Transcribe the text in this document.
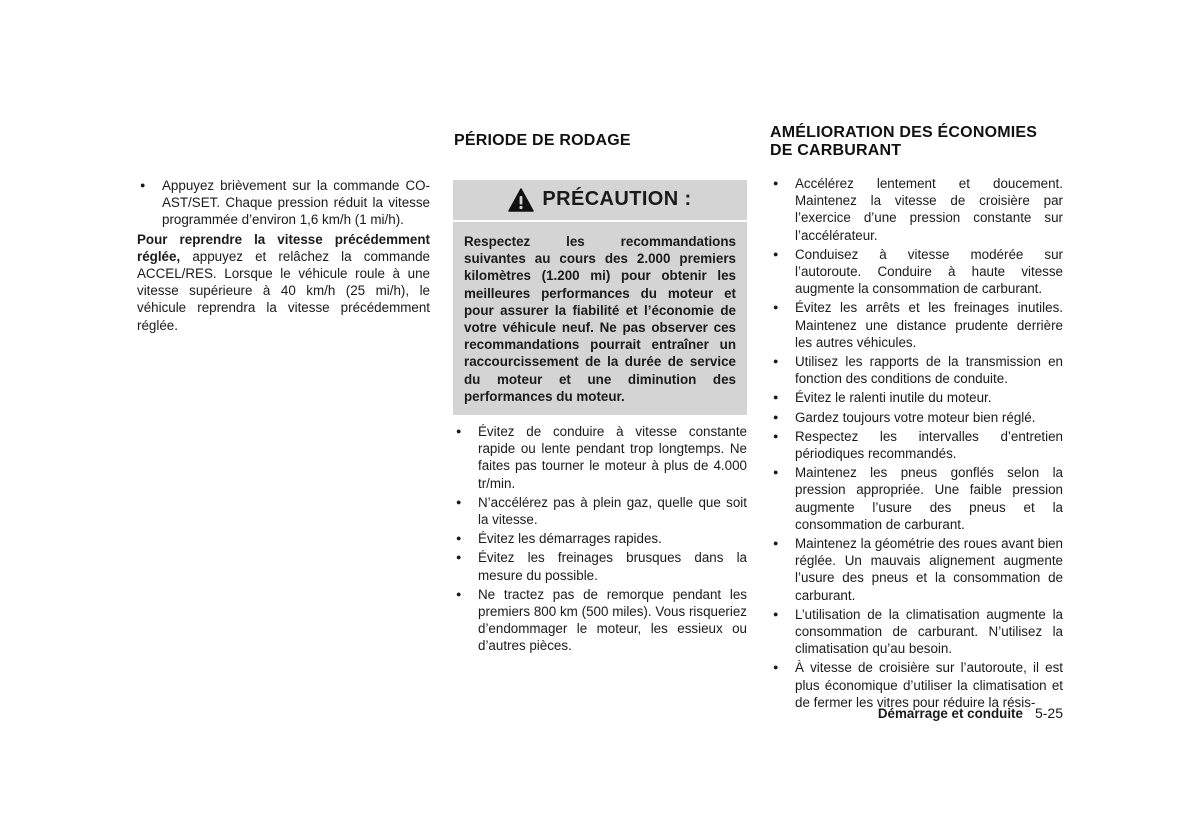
● Appuyez brièvement sur la commande CO-AST/SET. Chaque pression réduit la vitesse programmée d’environ 1,6 km/h (1 mi/h).

Pour reprendre la vitesse précédemment réglée, appuyez et relâchez la commande ACCEL/RES. Lorsque le véhicule roule à une vitesse supérieure à 40 km/h (25 mi/h), le véhicule reprendra la vitesse précédemment réglée.

PÉRIODE DE RODAGE
PRÉCAUTION :
Respectez les recommandations suivantes au cours des 2.000 premiers kilomètres (1.200 mi) pour obtenir les meilleures performances du moteur et pour assurer la fiabilité et l’économie de votre véhicule neuf. Ne pas observer ces recommandations pourrait entraîner un raccourcissement de la durée de service du moteur et une diminution des performances du moteur.
● Évitez de conduire à vitesse constante rapide ou lente pendant trop longtemps. Ne faites pas tourner le moteur à plus de 4.000 tr/min.
● N’accélérez pas à plein gaz, quelle que soit la vitesse.
● Évitez les démarrages rapides.
● Évitez les freinages brusques dans la mesure du possible.
● Ne tractez pas de remorque pendant les premiers 800 km (500 miles). Vous risqueriez d’endommager le moteur, les essieux ou d’autres pièces.
AMÉLIORATION DES ÉCONOMIES
DE CARBURANT
● Accélérez lentement et doucement. Maintenez la vitesse de croisière par l’exercice d’une pression constante sur l’accélérateur.
● Conduisez à vitesse modérée sur l’autoroute. Conduire à haute vitesse augmente la consommation de carburant.
● Évitez les arrêts et les freinages inutiles. Maintenez une distance prudente derrière les autres véhicules.
● Utilisez les rapports de la transmission en fonction des conditions de conduite.
● Évitez le ralenti inutile du moteur.
● Gardez toujours votre moteur bien réglé.
● Respectez les intervalles d’entretien périodiques recommandés.
● Maintenez les pneus gonflés selon la pression appropriée. Une faible pression augmente l’usure des pneus et la consommation de carburant.
● Maintenez la géométrie des roues avant bien réglée. Un mauvais alignement augmente l’usure des pneus et la consommation de carburant.
● L’utilisation de la climatisation augmente la consommation de carburant. N’utilisez la climatisation qu’au besoin.
● À vitesse de croisière sur l’autoroute, il est plus économique d’utiliser la climatisation et de fermer les vitres pour réduire la résis-
Démarrage et conduite 5-25
